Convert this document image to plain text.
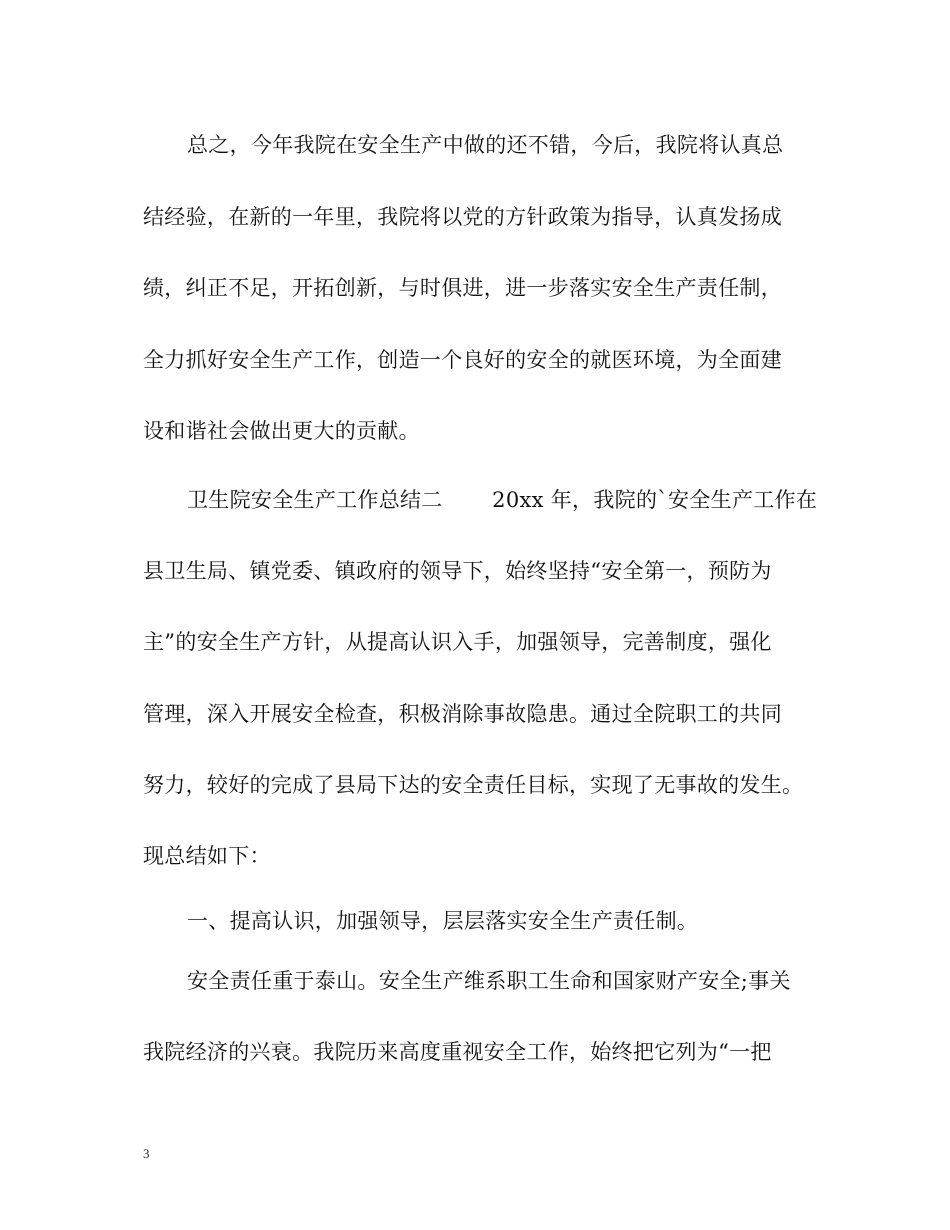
总之，今年我院在安全生产中做的还不错，今后，我院将认真总
结经验，在新的一年里，我院将以党的方针政策为指导，认真发扬成
绩，纠正不足，开拓创新，与时俱进，进一步落实安全生产责任制，
全力抓好安全生产工作，创造一个良好的安全的就医环境，为全面建
设和谐社会做出更大的贡献。
卫生院安全生产工作总结二　　 20xx 年，我院的`安全生产工作在
县卫生局、镇党委、镇政府的领导下，始终坚持“安全第一，预防为
主”的安全生产方针，从提高认识入手，加强领导，完善制度，强化
管理，深入开展安全检查，积极消除事故隐患。通过全院职工的共同
努力，较好的完成了县局下达的安全责任目标，实现了无事故的发生。
现总结如下：
一、提高认识，加强领导，层层落实安全生产责任制。
安全责任重于泰山。安全生产维系职工生命和国家财产安全;事关
我院经济的兴衰。我院历来高度重视安全工作，始终把它列为“一把
3
